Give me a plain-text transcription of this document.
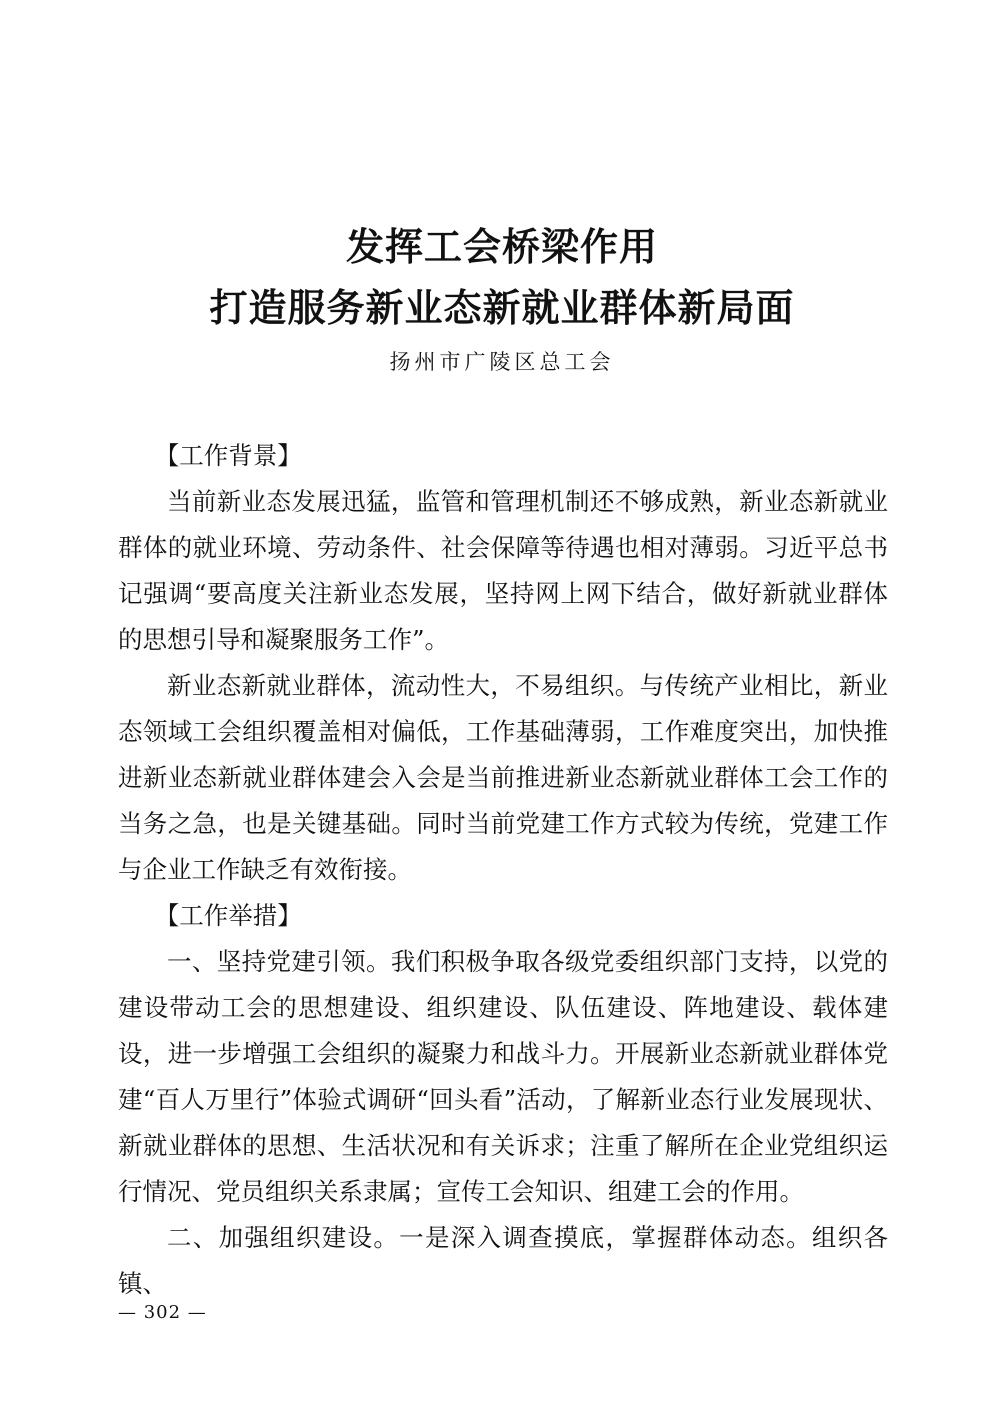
发挥工会桥梁作用
打造服务新业态新就业群体新局面
扬州市广陵区总工会
【工作背景】

当前新业态发展迅猛，监管和管理机制还不够成熟，新业态新就业群体的就业环境、劳动条件、社会保障等待遇也相对薄弱。习近平总书记强调“要高度关注新业态发展，坚持网上网下结合，做好新就业群体的思想引导和凝聚服务工作”。

新业态新就业群体，流动性大，不易组织。与传统产业相比，新业态领域工会组织覆盖相对偏低，工作基础薄弱，工作难度突出，加快推进新业态新就业群体建会入会是当前推进新业态新就业群体工会工作的当务之急，也是关键基础。同时当前党建工作方式较为传统，党建工作与企业工作缺乏有效衔接。

【工作举措】

一、坚持党建引领。我们积极争取各级党委组织部门支持，以党的建设带动工会的思想建设、组织建设、队伍建设、阵地建设、载体建设，进一步增强工会组织的凝聚力和战斗力。开展新业态新就业群体党建“百人万里行”体验式调研“回头看”活动，了解新业态行业发展现状、新就业群体的思想、生活状况和有关诉求；注重了解所在企业党组织运行情况、党员组织关系隶属；宣传工会知识、组建工会的作用。

二、加强组织建设。一是深入调查摸底，掌握群体动态。组织各镇、

— 302 —
